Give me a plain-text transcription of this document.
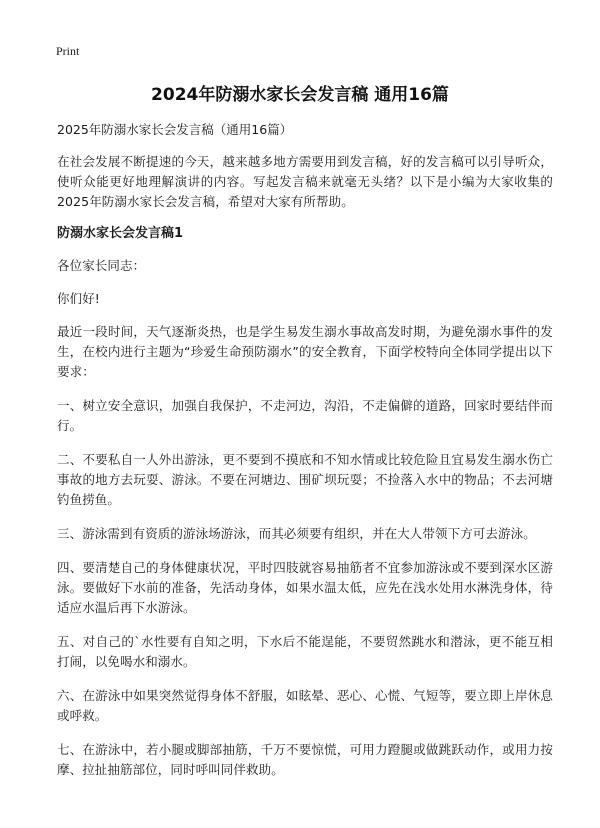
Print
2024年防溺水家长会发言稿 通用16篇

2025年防溺水家长会发言稿（通用16篇）

在社会发展不断提速的今天，越来越多地方需要用到发言稿，好的发言稿可以引导听众，使听众能更好地理解演讲的内容。写起发言稿来就毫无头绪？以下是小编为大家收集的2025年防溺水家长会发言稿，希望对大家有所帮助。

防溺水家长会发言稿1

各位家长同志：

你们好!

最近一段时间，天气逐渐炎热，也是学生易发生溺水事故高发时期，为避免溺水事件的发生，在校内进行主题为“珍爱生命预防溺水”的安全教育，下面学校特向全体同学提出以下要求：

一、树立安全意识，加强自我保护，不走河边，沟沿，不走偏僻的道路，回家时要结伴而行。

二、不要私自一人外出游泳，更不要到不摸底和不知水情或比较危险且宜易发生溺水伤亡事故的地方去玩耍、游泳。不要在河塘边、围矿坝玩耍；不捡落入水中的物品；不去河塘钓鱼捞鱼。

三、游泳需到有资质的游泳场游泳，而其必须要有组织，并在大人带领下方可去游泳。

四、要清楚自己的身体健康状况，平时四肢就容易抽筋者不宜参加游泳或不要到深水区游泳。要做好下水前的准备，先活动身体，如果水温太低，应先在浅水处用水淋洗身体，待适应水温后再下水游泳。

五、对自己的`水性要有自知之明，下水后不能逞能，不要贸然跳水和潜泳，更不能互相打闹，以免喝水和溺水。

六、在游泳中如果突然觉得身体不舒服，如眩晕、恶心、心慌、气短等，要立即上岸休息或呼救。

七、在游泳中，若小腿或脚部抽筋，千万不要惊慌，可用力蹬腿或做跳跃动作，或用力按摩、拉扯抽筋部位，同时呼叫同伴救助。
